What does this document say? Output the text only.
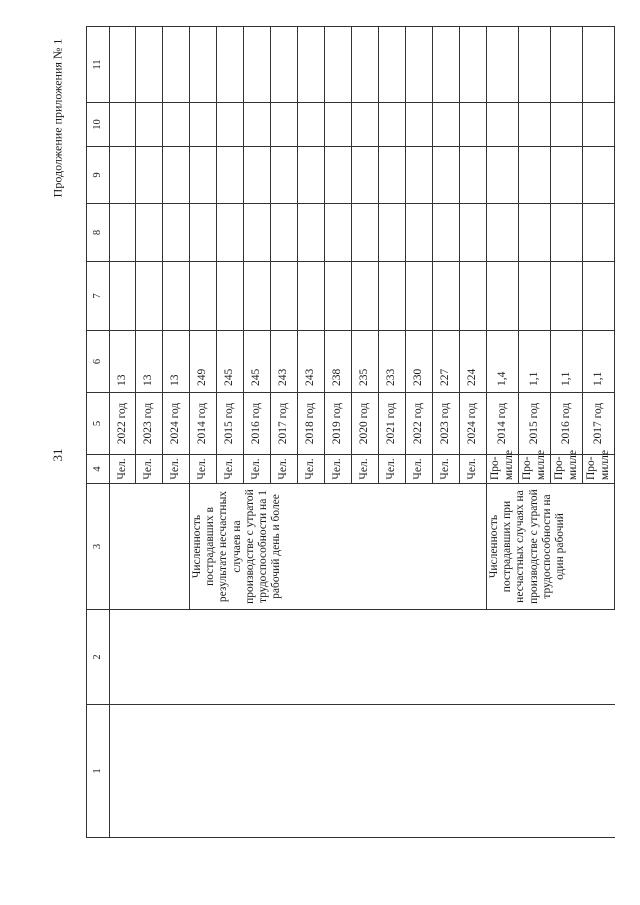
31
Продолжение приложения № 1
1	2	3	4	5	6	7	8	9	10	11
			Чел.	2022 год	13					
			Чел.	2023 год	13					
			Чел.	2024 год	13					
		Численность пострадавших в результате несчастных случаев на производстве с утратой трудоспособности на 1 рабочий день и более	Чел.	2014 год	249					
			Чел.	2015 год	245					
			Чел.	2016 год	245					
			Чел.	2017 год	243					
			Чел.	2018 год	243					
			Чел.	2019 год	238					
			Чел.	2020 год	235					
			Чел.	2021 год	233					
			Чел.	2022 год	230					
			Чел.	2023 год	227					
			Чел.	2024 год	224					
		Численность пострадавших при несчастных случаях на производстве с утратой трудоспособности на один рабочий	Про-милле	2014 год	1,4					
			Про-милле	2015 год	1,1					
			Про-милле	2016 год	1,1					
			Про-милле	2017 год	1,1					
